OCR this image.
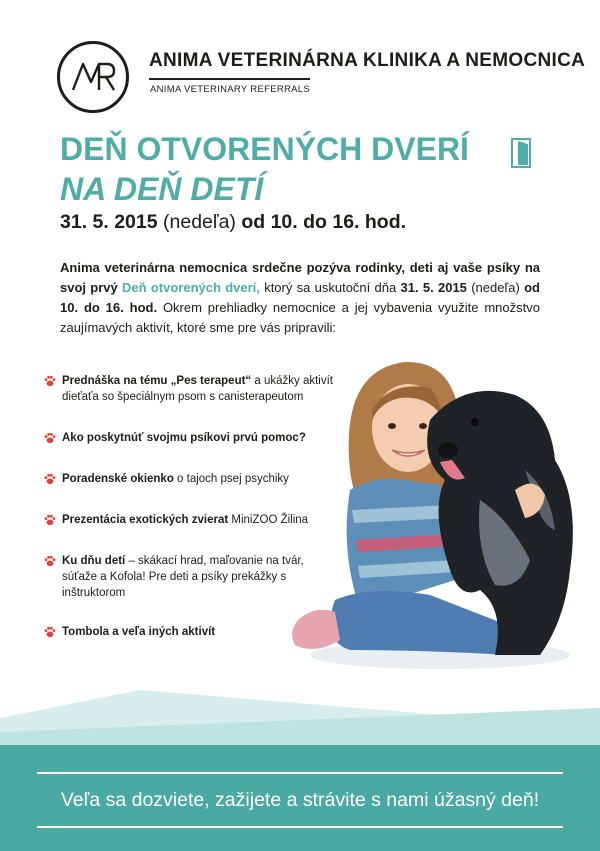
ANIMA VETERINÁRNA KLINIKA A NEMOCNICA
ANIMA VETERINARY REFERRALS
DEŇ OTVORENÝCH DVERÍ
NA DEŇ DETÍ
31. 5. 2015 (nedeľa) od 10. do 16. hod.
Anima veterinárna nemocnica srdečne pozýva rodinky, deti aj vaše psíky na svoj prvý Deň otvorených dverí, ktorý sa uskutoční dňa 31. 5. 2015 (nedeľa) od 10. do 16. hod. Okrem prehliadky nemocnice a jej vybavenia využite množstvo zaujímavých aktivít, ktoré sme pre vás pripravili:
Prednáška na tému „Pes terapeut“ a ukážky aktivít dieťaťa so špeciálnym psom s canisterapeutom
Ako poskytnúť svojmu psíkovi prvú pomoc?
Poradenské okienko o tajoch psej psychiky
Prezentácia exotických zvierat MiniZOO Žilina
Ku dňu detí – skákací hrad, maľovanie na tvár, súťaže a Kofola! Pre deti a psíky prekážky s inštruktorom
Tombola a veľa iných aktivít
Veľa sa dozviete, zažijete a strávite s nami úžasný deň!
